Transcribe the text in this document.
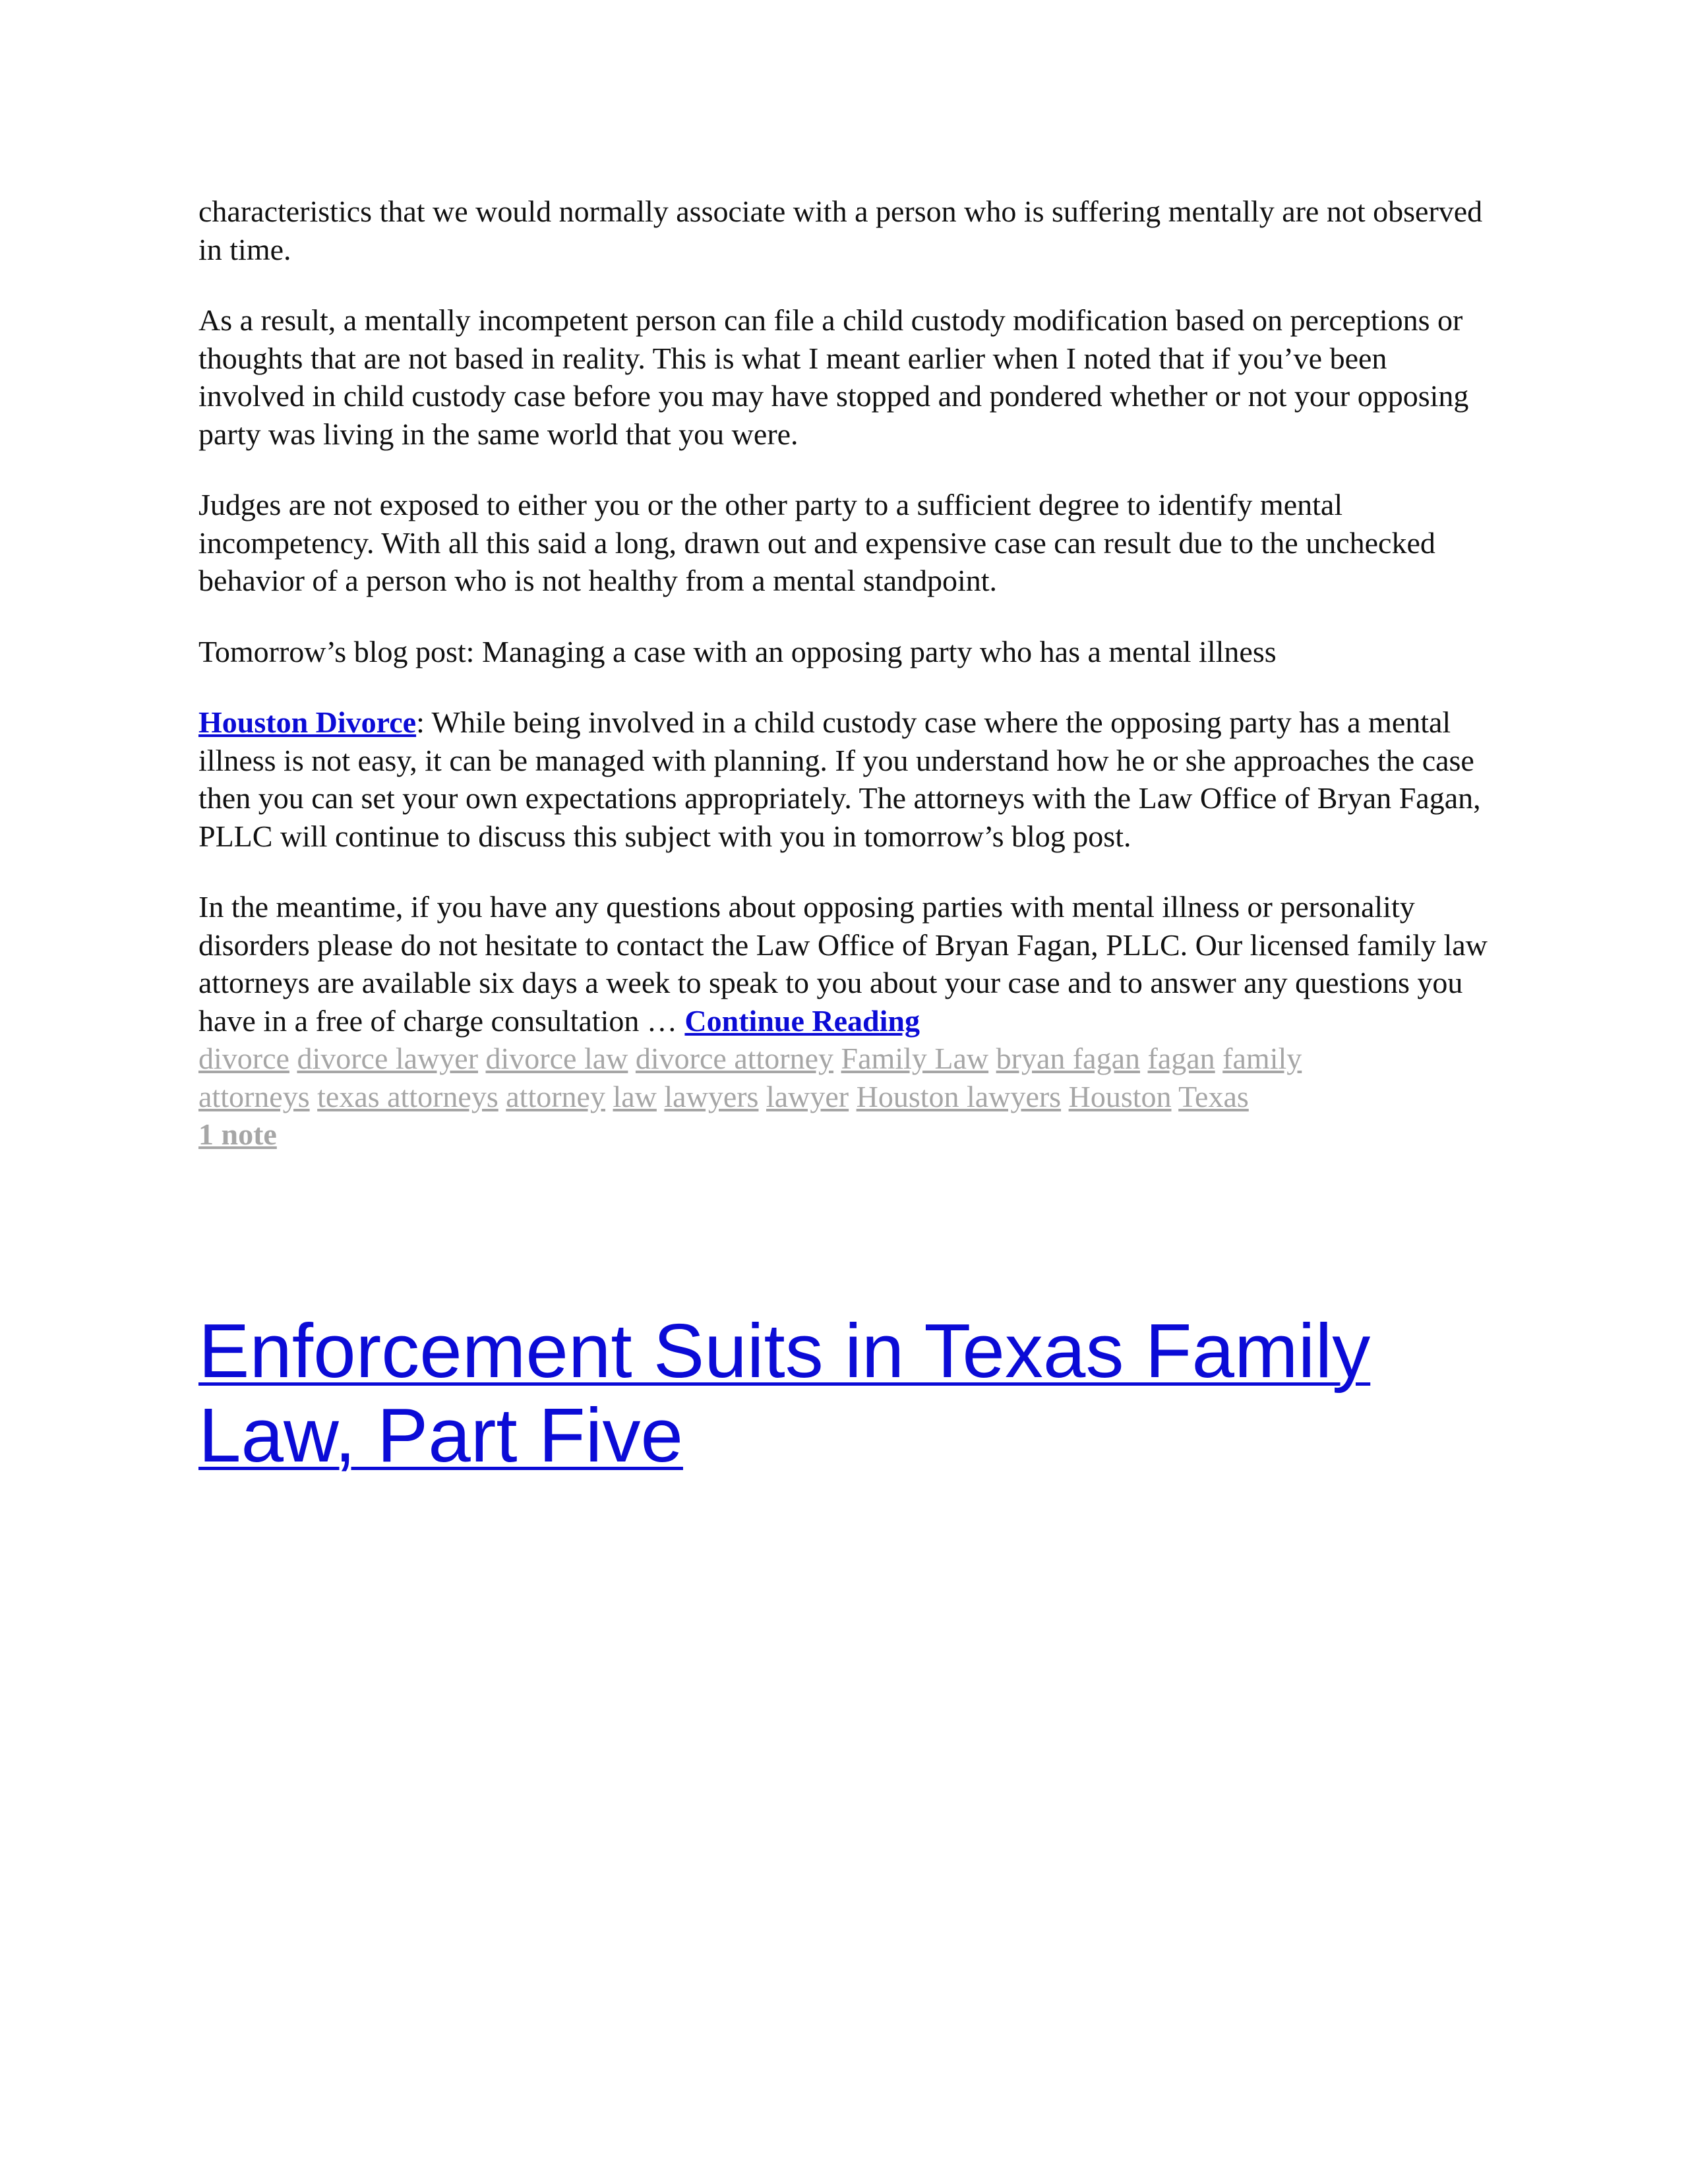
characteristics that we would normally associate with a person who is suffering mentally are not observed in time.

As a result, a mentally incompetent person can file a child custody modification based on perceptions or thoughts that are not based in reality. This is what I meant earlier when I noted that if you’ve been involved in child custody case before you may have stopped and pondered whether or not your opposing party was living in the same world that you were.

Judges are not exposed to either you or the other party to a sufficient degree to identify mental incompetency. With all this said a long, drawn out and expensive case can result due to the unchecked behavior of a person who is not healthy from a mental standpoint.

Tomorrow’s blog post: Managing a case with an opposing party who has a mental illness

Houston Divorce: While being involved in a child custody case where the opposing party has a mental illness is not easy, it can be managed with planning. If you understand how he or she approaches the case then you can set your own expectations appropriately. The attorneys with the Law Office of Bryan Fagan, PLLC will continue to discuss this subject with you in tomorrow’s blog post.

In the meantime, if you have any questions about opposing parties with mental illness or personality disorders please do not hesitate to contact the Law Office of Bryan Fagan, PLLC. Our licensed family law attorneys are available six days a week to speak to you about your case and to answer any questions you have in a free of charge consultation … Continue Reading

divorce divorce lawyer divorce law divorce attorney Family Law bryan fagan fagan family attorneys texas attorneys attorney law lawyers lawyer Houston lawyers Houston Texas
1 note
Enforcement Suits in Texas Family Law, Part Five
